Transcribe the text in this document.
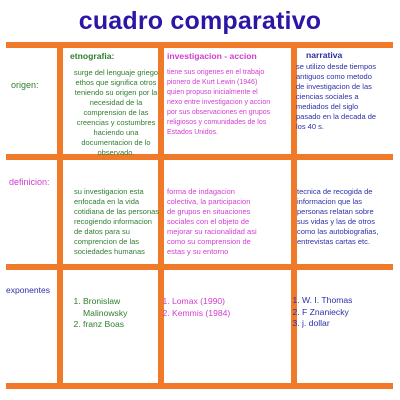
cuadro comparativo
etnografia:	investigacion - accion	narrativa
origen:
definicion:
exponentes
surge del lenguaje griego
ethos que significa otros
teniendo su origen por la
necesidad de la
comprension de las
creencias y costumbres
haciendo una
documentacion de lo
observado.
tiene sus origenes en el trabajo
pionero de Kurt Lewin (1946)
quien propuso inicialmente el
nexo entre investigacion y accion
por sus observaciones en grupos
religiosos y comunidades de los
Estados Unidos.
se utilizo desde tiempos
antiguos como metodo
de investigacion de las
ciencias sociales a
mediados del siglo
pasado en la decada de
los 40 s.
su investigacion esta
enfocada en la vida
cotidiana de las personas
recogiendo informacion
de datos para su
comprencion de las
sociedades humanas
forma de indagacion
colectiva, la participacion
de grupos en situaciones
sociales con el objeto de
mejorar su racionalidad asi
como su comprension de
estas y su entorno
tecnica de recogida de
informacion que las
personas relatan sobre
sus vidas y las de otros
como las autobiografias,
entrevistas cartas etc.
1. Bronislaw Malinowsky
2. franz Boas
1. Lomax (1990)
2. Kemmis (1984)
1. W. I. Thomas
2. F Znaniecky
3. j. dollar
